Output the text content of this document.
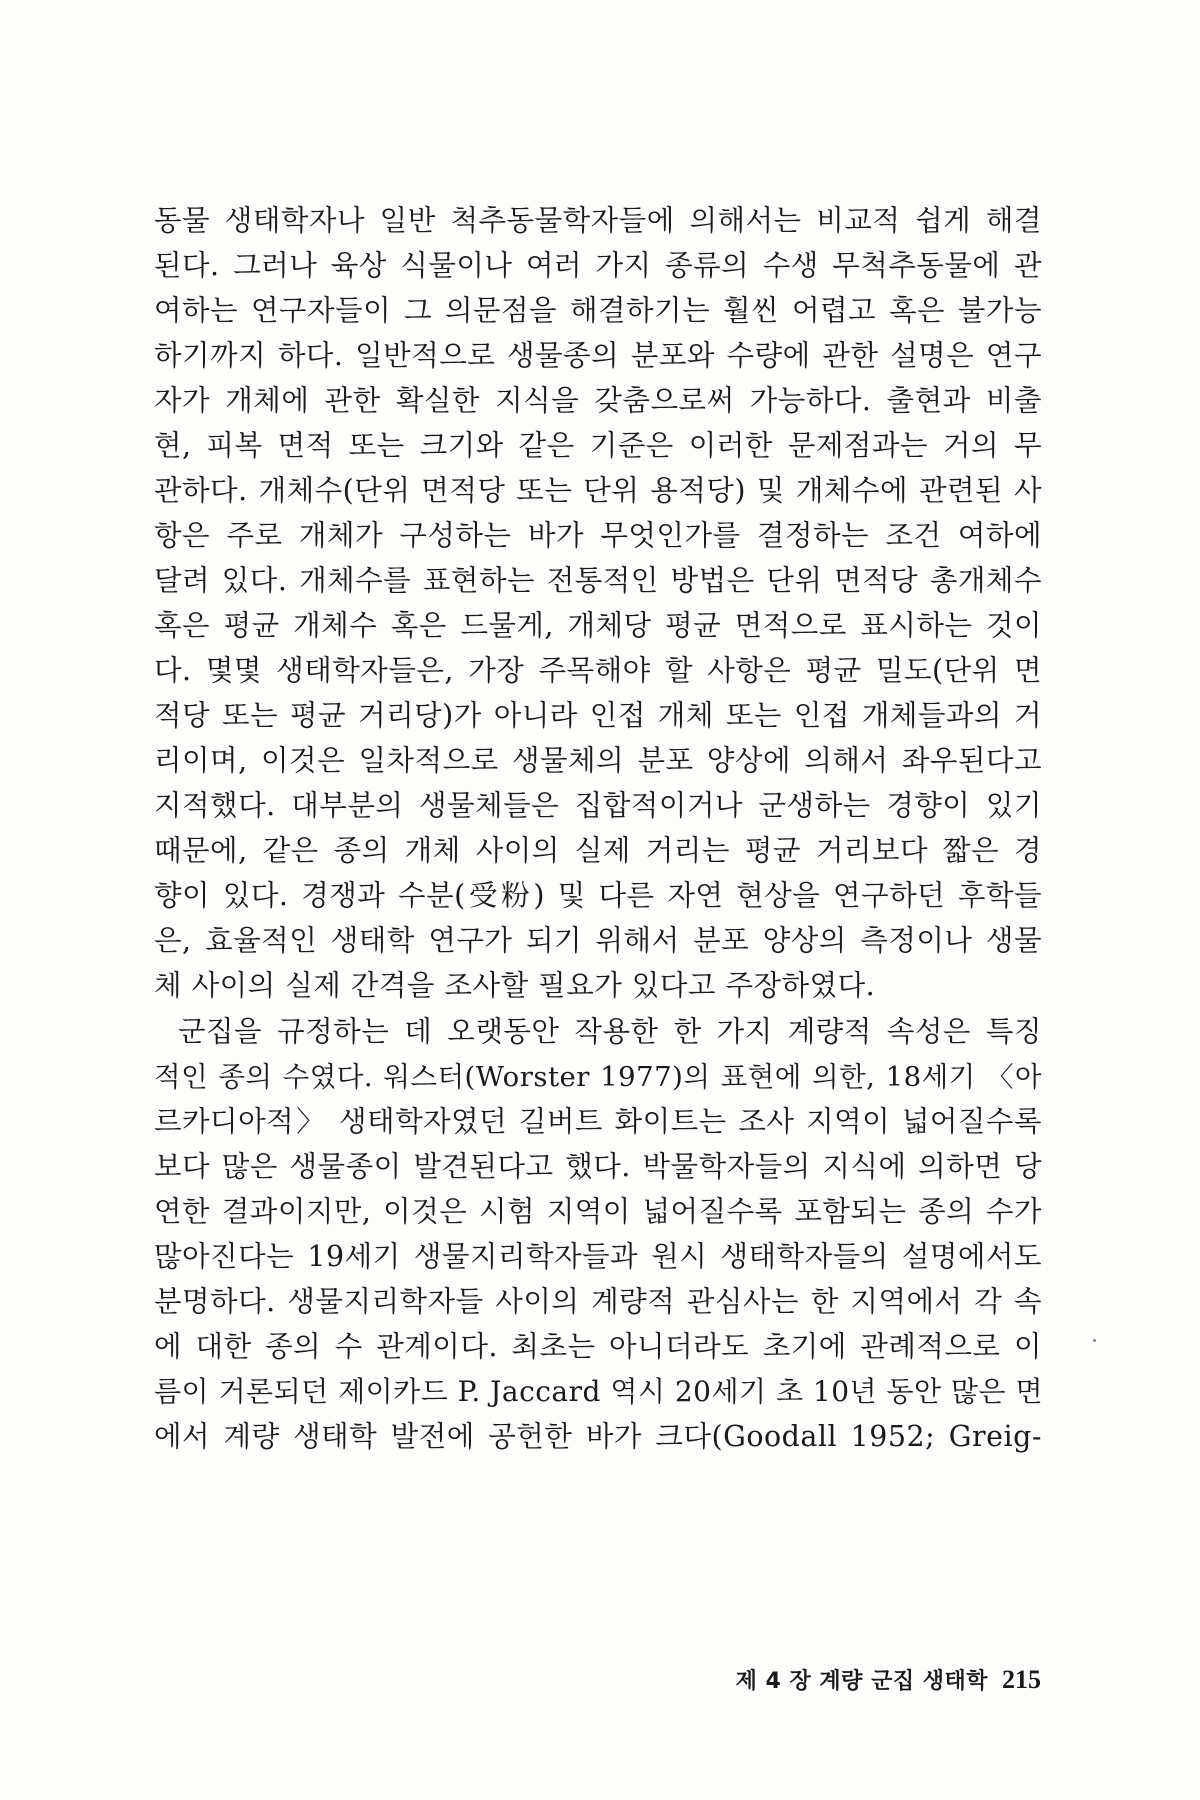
동물 생태학자나 일반 척추동물학자들에 의해서는 비교적 쉽게 해결
된다. 그러나 육상 식물이나 여러 가지 종류의 수생 무척추동물에 관
여하는 연구자들이 그 의문점을 해결하기는 훨씬 어렵고 혹은 불가능
하기까지 하다. 일반적으로 생물종의 분포와 수량에 관한 설명은 연구
자가 개체에 관한 확실한 지식을 갖춤으로써 가능하다. 출현과 비출
현, 피복 면적 또는 크기와 같은 기준은 이러한 문제점과는 거의 무
관하다. 개체수(단위 면적당 또는 단위 용적당) 및 개체수에 관련된 사
항은 주로 개체가 구성하는 바가 무엇인가를 결정하는 조건 여하에
달려 있다. 개체수를 표현하는 전통적인 방법은 단위 면적당 총개체수
혹은 평균 개체수 혹은 드물게, 개체당 평균 면적으로 표시하는 것이
다. 몇몇 생태학자들은, 가장 주목해야 할 사항은 평균 밀도(단위 면
적당 또는 평균 거리당)가 아니라 인접 개체 또는 인접 개체들과의 거
리이며, 이것은 일차적으로 생물체의 분포 양상에 의해서 좌우된다고
지적했다. 대부분의 생물체들은 집합적이거나 군생하는 경향이 있기
때문에, 같은 종의 개체 사이의 실제 거리는 평균 거리보다 짧은 경
향이 있다. 경쟁과 수분(受粉) 및 다른 자연 현상을 연구하던 후학들
은, 효율적인 생태학 연구가 되기 위해서 분포 양상의 측정이나 생물
체 사이의 실제 간격을 조사할 필요가 있다고 주장하였다.
군집을 규정하는 데 오랫동안 작용한 한 가지 계량적 속성은 특징
적인 종의 수였다. 워스터(Worster 1977)의 표현에 의한, 18세기 〈아
르카디아적〉 생태학자였던 길버트 화이트는 조사 지역이 넓어질수록
보다 많은 생물종이 발견된다고 했다. 박물학자들의 지식에 의하면 당
연한 결과이지만, 이것은 시험 지역이 넓어질수록 포함되는 종의 수가
많아진다는 19세기 생물지리학자들과 원시 생태학자들의 설명에서도
분명하다. 생물지리학자들 사이의 계량적 관심사는 한 지역에서 각 속
에 대한 종의 수 관계이다. 최초는 아니더라도 초기에 관례적으로 이
름이 거론되던 제이카드 P. Jaccard 역시 20세기 초 10년 동안 많은 면
에서 계량 생태학 발전에 공헌한 바가 크다(Goodall 1952; Greig-
제 4 장 계량 군집 생태학 215
